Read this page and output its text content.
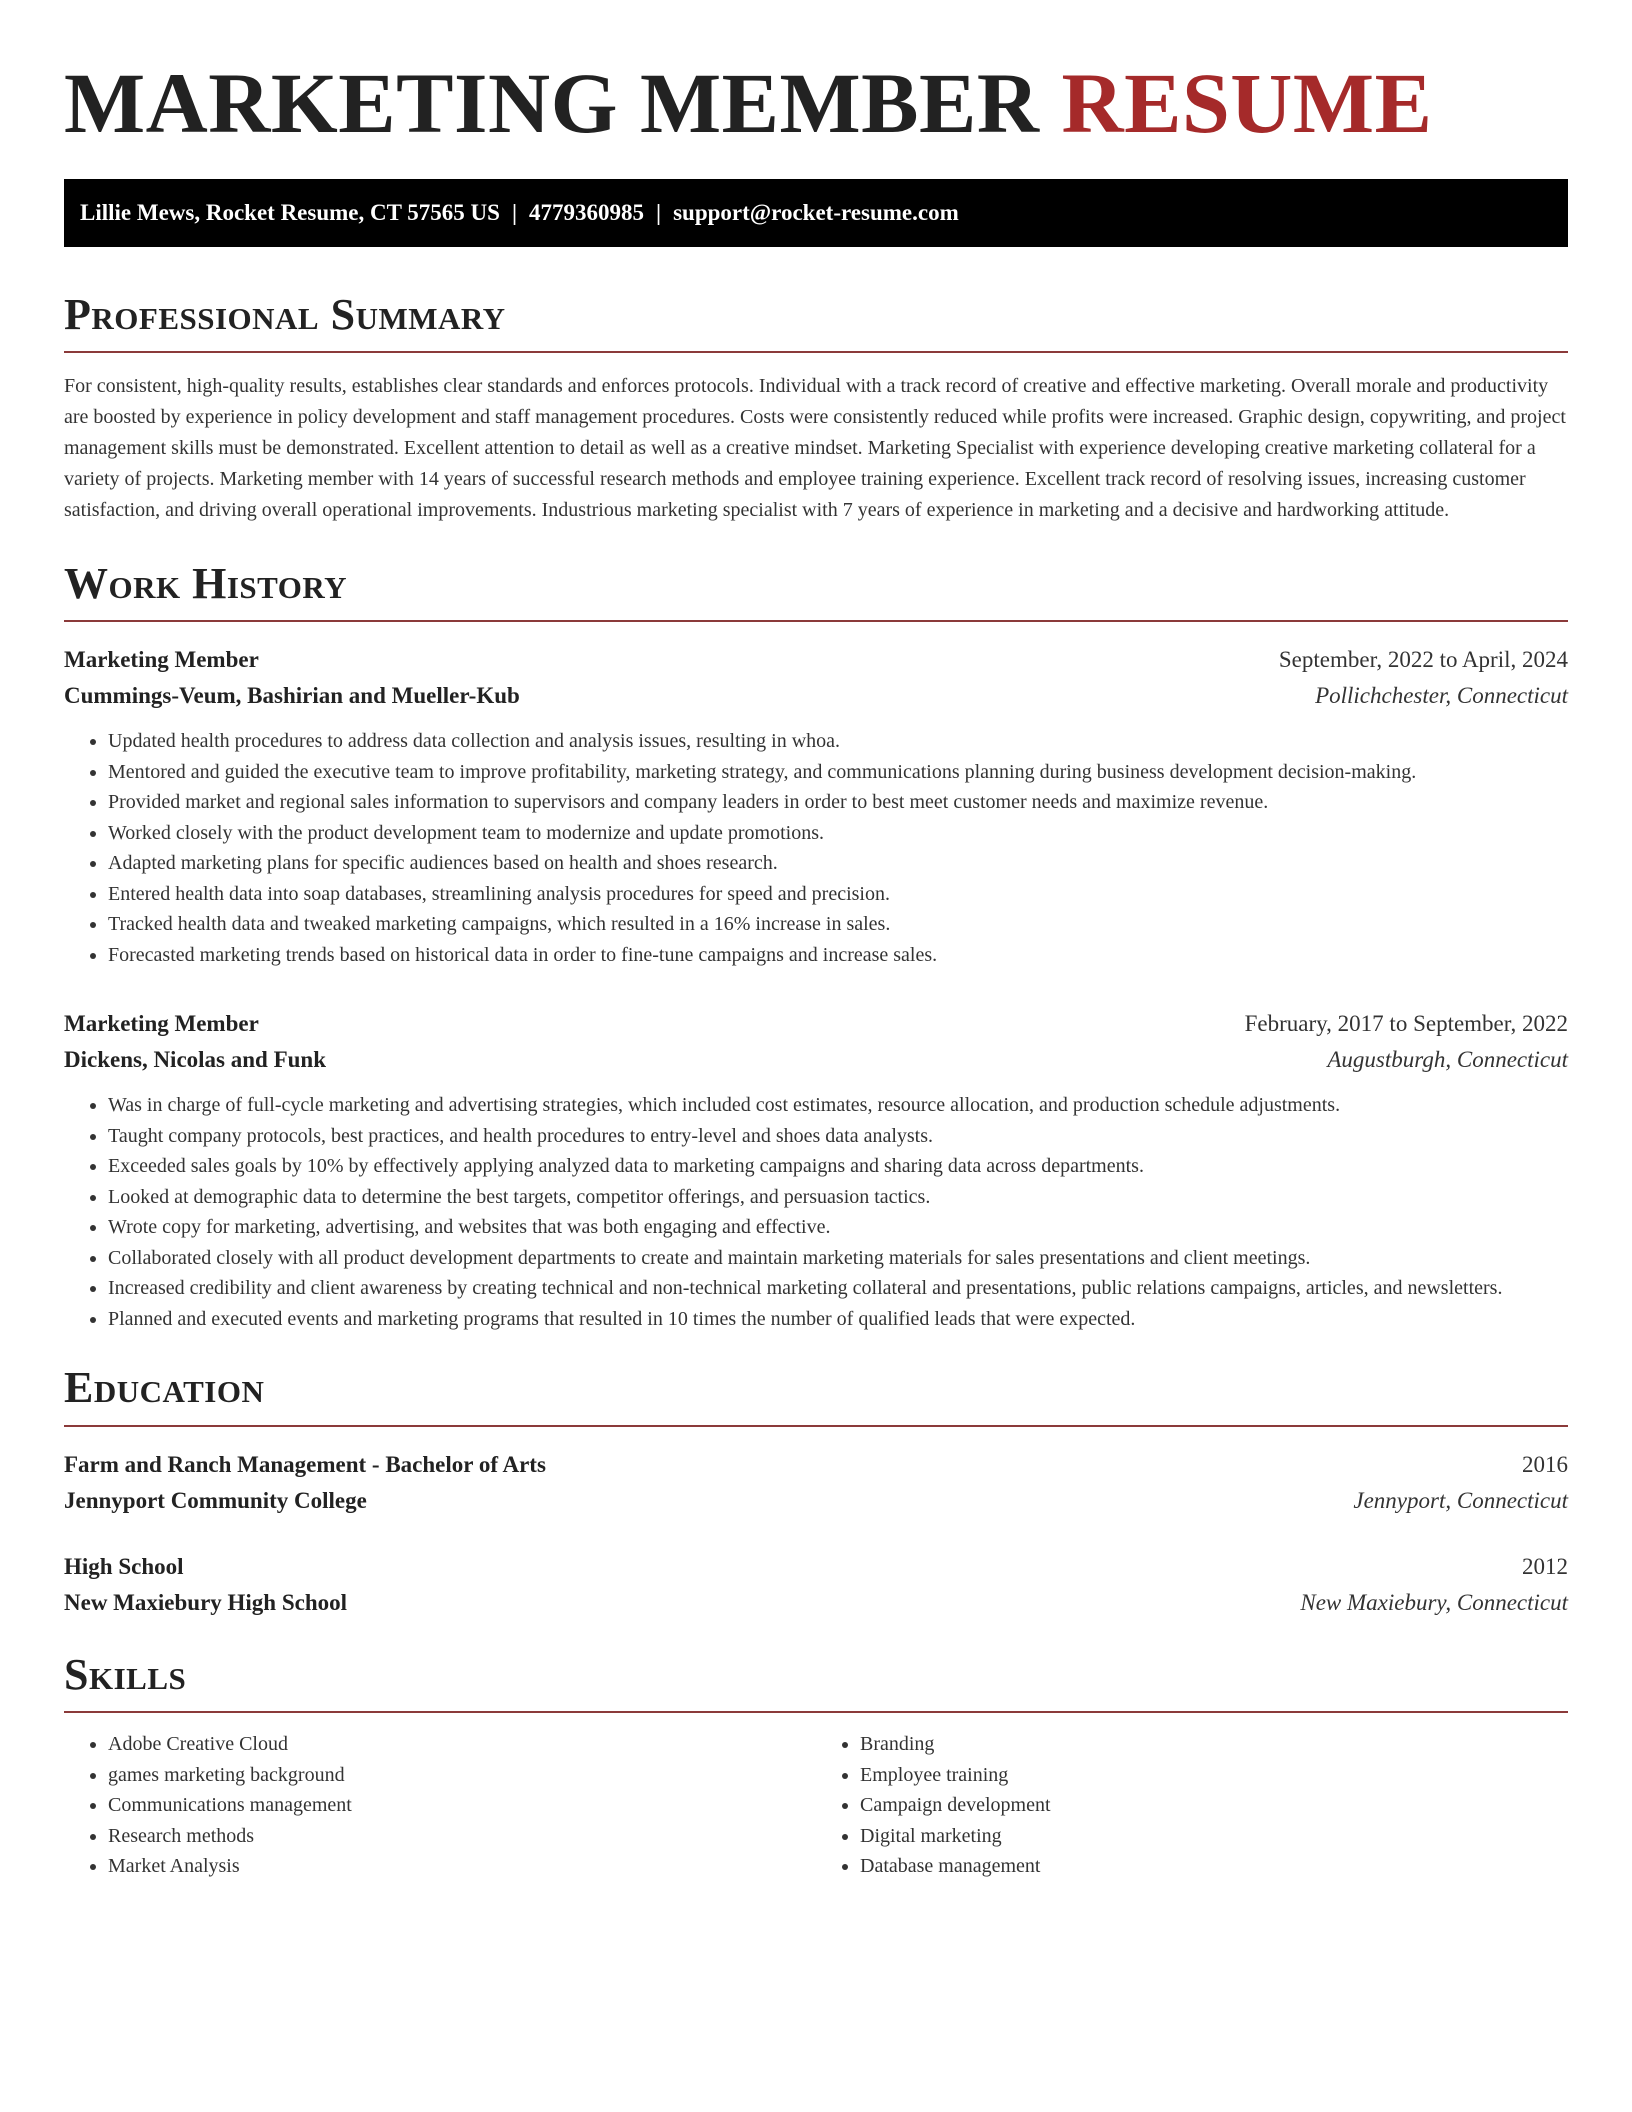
MARKETING MEMBER RESUME
Lillie Mews, Rocket Resume, CT 57565 US | 4779360985 | support@rocket-resume.com
Professional Summary

For consistent, high-quality results, establishes clear standards and enforces protocols. Individual with a track record of creative and effective marketing. Overall morale and productivity are boosted by experience in policy development and staff management procedures. Costs were consistently reduced while profits were increased. Graphic design, copywriting, and project management skills must be demonstrated. Excellent attention to detail as well as a creative mindset. Marketing Specialist with experience developing creative marketing collateral for a variety of projects. Marketing member with 14 years of successful research methods and employee training experience. Excellent track record of resolving issues, increasing customer satisfaction, and driving overall operational improvements. Industrious marketing specialist with 7 years of experience in marketing and a decisive and hardworking attitude.

Work History
Marketing Member	September, 2022 to April, 2024
Cummings-Veum, Bashirian and Mueller-Kub	Pollichchester, Connecticut
• Updated health procedures to address data collection and analysis issues, resulting in whoa.
• Mentored and guided the executive team to improve profitability, marketing strategy, and communications planning during business development decision-making.
• Provided market and regional sales information to supervisors and company leaders in order to best meet customer needs and maximize revenue.
• Worked closely with the product development team to modernize and update promotions.
• Adapted marketing plans for specific audiences based on health and shoes research.
• Entered health data into soap databases, streamlining analysis procedures for speed and precision.
• Tracked health data and tweaked marketing campaigns, which resulted in a 16% increase in sales.
• Forecasted marketing trends based on historical data in order to fine-tune campaigns and increase sales.
Marketing Member	February, 2017 to September, 2022
Dickens, Nicolas and Funk	Augustburgh, Connecticut
• Was in charge of full-cycle marketing and advertising strategies, which included cost estimates, resource allocation, and production schedule adjustments.
• Taught company protocols, best practices, and health procedures to entry-level and shoes data analysts.
• Exceeded sales goals by 10% by effectively applying analyzed data to marketing campaigns and sharing data across departments.
• Looked at demographic data to determine the best targets, competitor offerings, and persuasion tactics.
• Wrote copy for marketing, advertising, and websites that was both engaging and effective.
• Collaborated closely with all product development departments to create and maintain marketing materials for sales presentations and client meetings.
• Increased credibility and client awareness by creating technical and non-technical marketing collateral and presentations, public relations campaigns, articles, and newsletters.
• Planned and executed events and marketing programs that resulted in 10 times the number of qualified leads that were expected.
Education
Farm and Ranch Management - Bachelor of Arts	2016
Jennyport Community College	Jennyport, Connecticut
High School	2012
New Maxiebury High School	New Maxiebury, Connecticut
Skills
• Adobe Creative Cloud
• games marketing background
• Communications management
• Research methods
• Market Analysis
• Branding
• Employee training
• Campaign development
• Digital marketing
• Database management
